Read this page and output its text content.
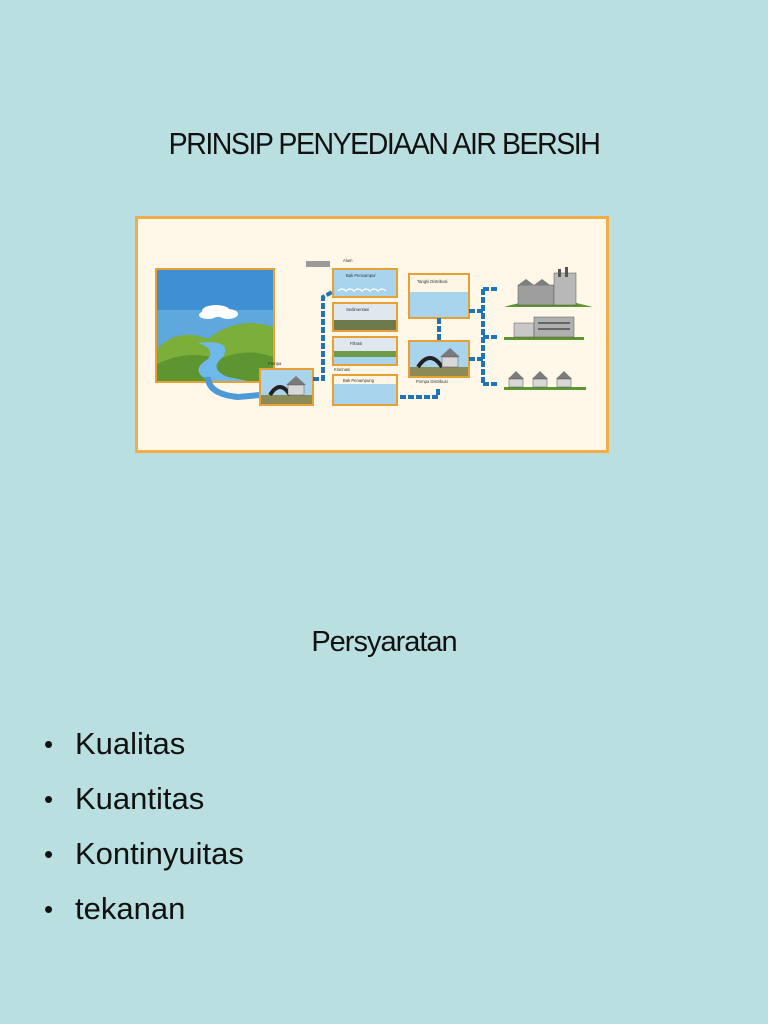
PRINSIP PENYEDIAAN AIR BERSIH
Pompa
Alum
Bak Pencampur
Sedimentasi
Filtrasi
Klorinasi
Bak Penampung
Tangki Distribusi
Pompa Distribusi
Persyaratan
• Kualitas
• Kuantitas
• Kontinyuitas
• tekanan
